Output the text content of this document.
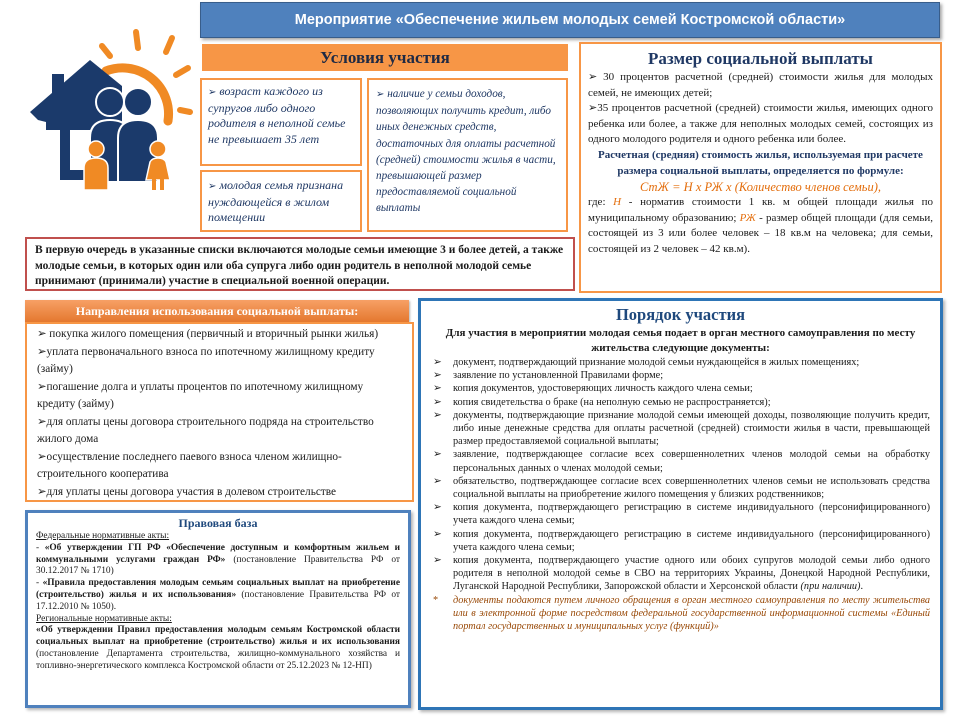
Мероприятие «Обеспечение жильем молодых семей Костромской области»
Условия участия
➢ возраст каждого из супругов либо одного родителя в неполной семье не превышает 35 лет
➢ молодая семья признана нуждающейся в жилом помещении
➢ наличие у семьи доходов, позволяющих получить кредит, либо иных денежных средств, достаточных для оплаты расчетной (средней) стоимости жилья в части, превышающей размер предоставляемой социальной выплаты
В первую очередь в указанные списки включаются молодые семьи имеющие 3 и более детей, а также молодые семьи, в которых один или оба супруга либо один родитель в неполной молодой семье принимают (принимали) участие в специальной военной операции.
Размер социальной выплаты
➢ 30 процентов расчетной (средней) стоимости жилья для молодых семей, не имеющих детей;
➢35 процентов расчетной (средней) стоимости жилья, имеющих одного ребенка или более, а также для неполных молодых семей, состоящих из одного молодого родителя и одного ребенка или более.
Расчетная (средняя) стоимость жилья, используемая при расчете размера социальной выплаты, определяется по формуле:
СтЖ = Н х РЖ х (Количество членов семьи),
где: Н - норматив стоимости 1 кв. м общей площади жилья по муниципальному образованию; РЖ - размер общей площади (для семьи, состоящей из 3 или более человек – 18 кв.м на человека; для семьи, состоящей из 2 человек – 42 кв.м).
Направления использования социальной выплаты:
➢ покупка жилого помещения (первичный и вторичный рынки жилья)
➢уплата первоначального взноса по ипотечному жилищному кредиту (займу)
➢погашение долга и уплаты процентов по ипотечному жилищному кредиту (займу)
➢для оплаты цены договора строительного подряда на строительство жилого дома
➢осуществление последнего паевого взноса членом жилищно-строительного кооператива
➢для уплаты цены договора участия в долевом строительстве
Правовая база
Федеральные нормативные акты:
- «Об утверждении ГП РФ «Обеспечение доступным и комфортным жильем и коммунальными услугами граждан РФ» (постановление Правительства РФ от 30.12.2017 № 1710)
- «Правила предоставления молодым семьям социальных выплат на приобретение (строительство) жилья и их использования» (постановление Правительства РФ от 17.12.2010 № 1050).
Региональные нормативные акты:
«Об утверждении Правил предоставления молодым семьям Костромской области социальных выплат на приобретение (строительство) жилья и их использования (постановление Департамента строительства, жилищно-коммунального хозяйства и топливно-энергетического комплекса Костромской области от 25.12.2023 № 12-НП)
Порядок участия
Для участия в мероприятии молодая семья подает в орган местного самоуправления по месту жительства следующие документы:
➢ документ, подтверждающий признание молодой семьи нуждающейся в жилых помещениях;
➢ заявление по установленной Правилами форме;
➢ копия документов, удостоверяющих личность каждого члена семьи;
➢ копия свидетельства о браке (на неполную семью не распространяется);
➢ документы, подтверждающие признание молодой семьи имеющей доходы, позволяющие получить кредит, либо иные денежные средства для оплаты расчетной (средней) стоимости жилья в части, превышающей размер предоставляемой социальной выплаты;
➢ заявление, подтверждающее согласие всех совершеннолетних членов молодой семьи на обработку персональных данных о членах молодой семьи;
➢ обязательство, подтверждающее согласие всех совершеннолетних членов семьи не использовать средства социальной выплаты на приобретение жилого помещения у близких родственников;
➢ копия документа, подтверждающего регистрацию в системе индивидуального (персонифицированного) учета каждого члена семьи;
➢ копия документа, подтверждающего регистрацию в системе индивидуального (персонифицированного) учета каждого члена семьи;
➢ копия документа, подтверждающего участие одного или обоих супругов молодой семьи либо одного родителя в неполной молодой семье в СВО на территориях Украины, Донецкой Народной Республики, Луганской Народной Республики, Запорожской области и Херсонской области (при наличии).
* документы подаются путем личного обращения в орган местного самоуправления по месту жительства или в электронной форме посредством федеральной государственной информационной системы «Единый портал государственных и муниципальных услуг (функций)»
